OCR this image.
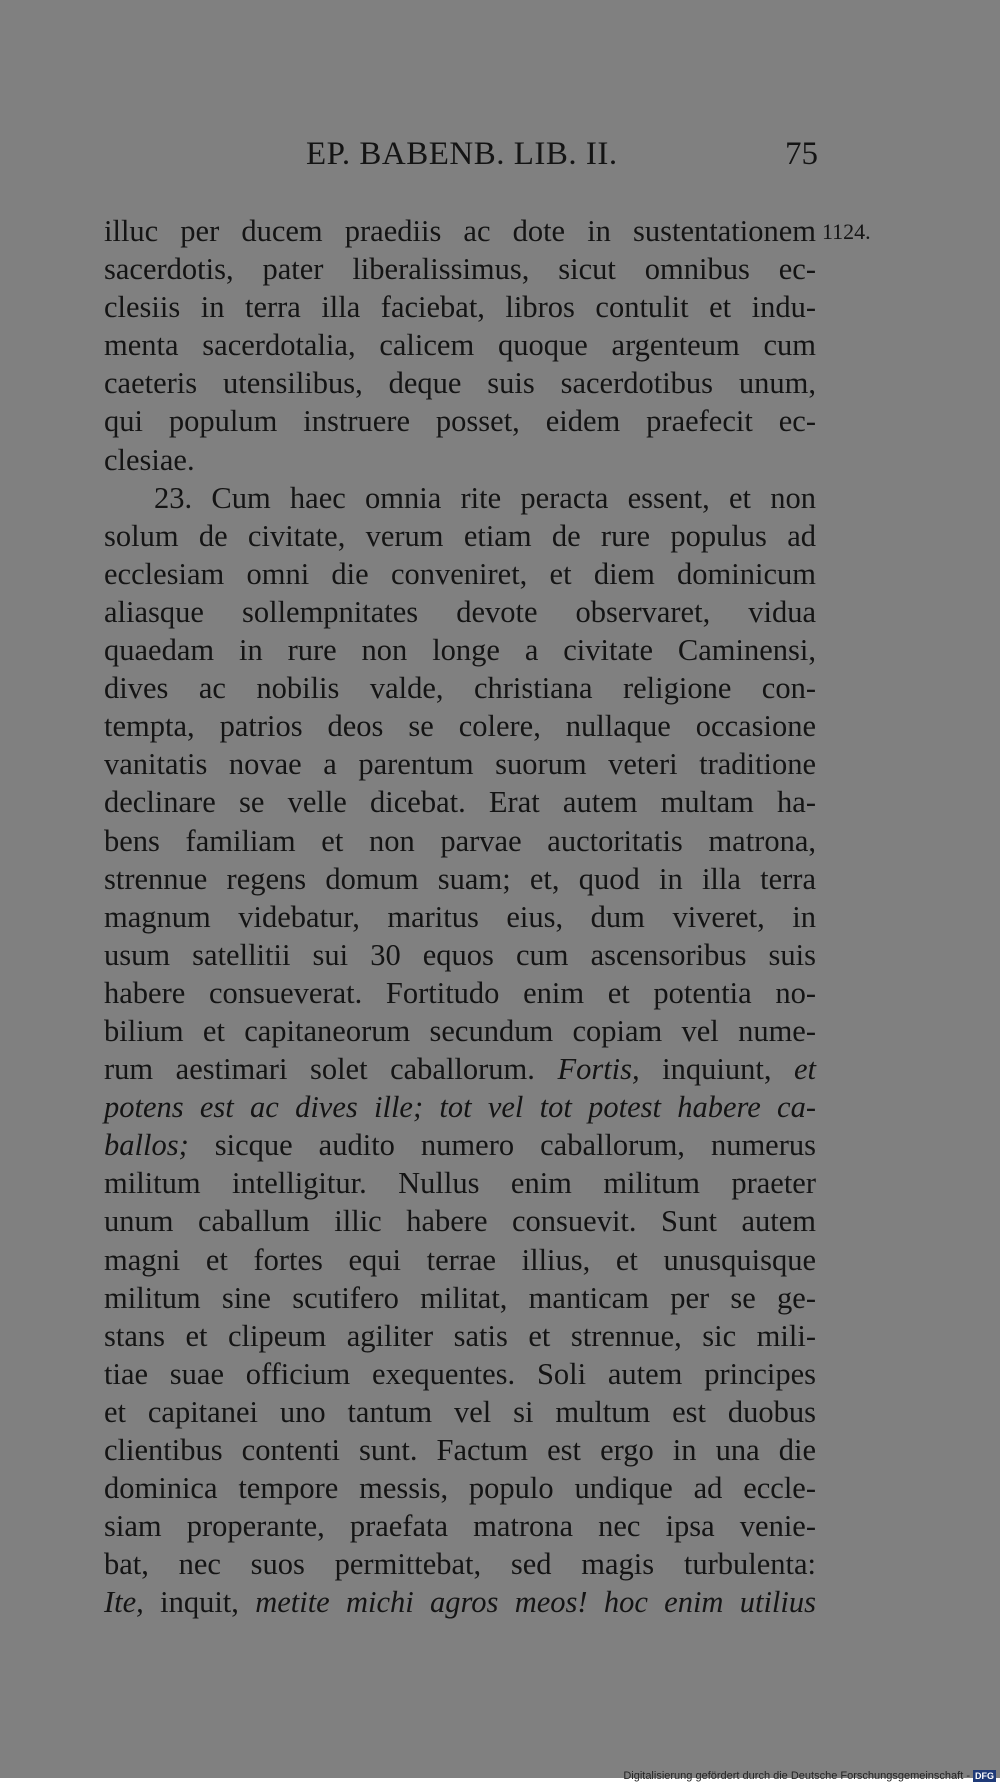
EP. BABENB. LIB. II.	75
1124.
illuc per ducem praediis ac dote in sustentationem
sacerdotis, pater liberalissimus, sicut omnibus ec-
clesiis in terra illa faciebat, libros contulit et indu-
menta sacerdotalia, calicem quoque argenteum cum
caeteris utensilibus, deque suis sacerdotibus unum,
qui populum instruere posset, eidem praefecit ec-
clesiae.
23. Cum haec omnia rite peracta essent, et non
solum de civitate, verum etiam de rure populus ad
ecclesiam omni die conveniret, et diem dominicum
aliasque sollempnitates devote observaret, vidua
quaedam in rure non longe a civitate Caminensi,
dives ac nobilis valde, christiana religione con-
tempta, patrios deos se colere, nullaque occasione
vanitatis novae a parentum suorum veteri traditione
declinare se velle dicebat. Erat autem multam ha-
bens familiam et non parvae auctoritatis matrona,
strennue regens domum suam; et, quod in illa terra
magnum videbatur, maritus eius, dum viveret, in
usum satellitii sui 30 equos cum ascensoribus suis
habere consueverat. Fortitudo enim et potentia no-
bilium et capitaneorum secundum copiam vel nume-
rum aestimari solet caballorum. Fortis, inquiunt, et
potens est ac dives ille; tot vel tot potest habere ca-
ballos; sicque audito numero caballorum, numerus
militum intelligitur. Nullus enim militum praeter
unum caballum illic habere consuevit. Sunt autem
magni et fortes equi terrae illius, et unusquisque
militum sine scutifero militat, manticam per se ge-
stans et clipeum agiliter satis et strennue, sic mili-
tiae suae officium exequentes. Soli autem principes
et capitanei uno tantum vel si multum est duobus
clientibus contenti sunt. Factum est ergo in una die
dominica tempore messis, populo undique ad eccle-
siam properante, praefata matrona nec ipsa venie-
bat, nec suos permittebat, sed magis turbulenta:
Ite, inquit, metite michi agros meos! hoc enim utilius
Digitalisierung gefördert durch die Deutsche Forschungsgemeinschaft - DFG
